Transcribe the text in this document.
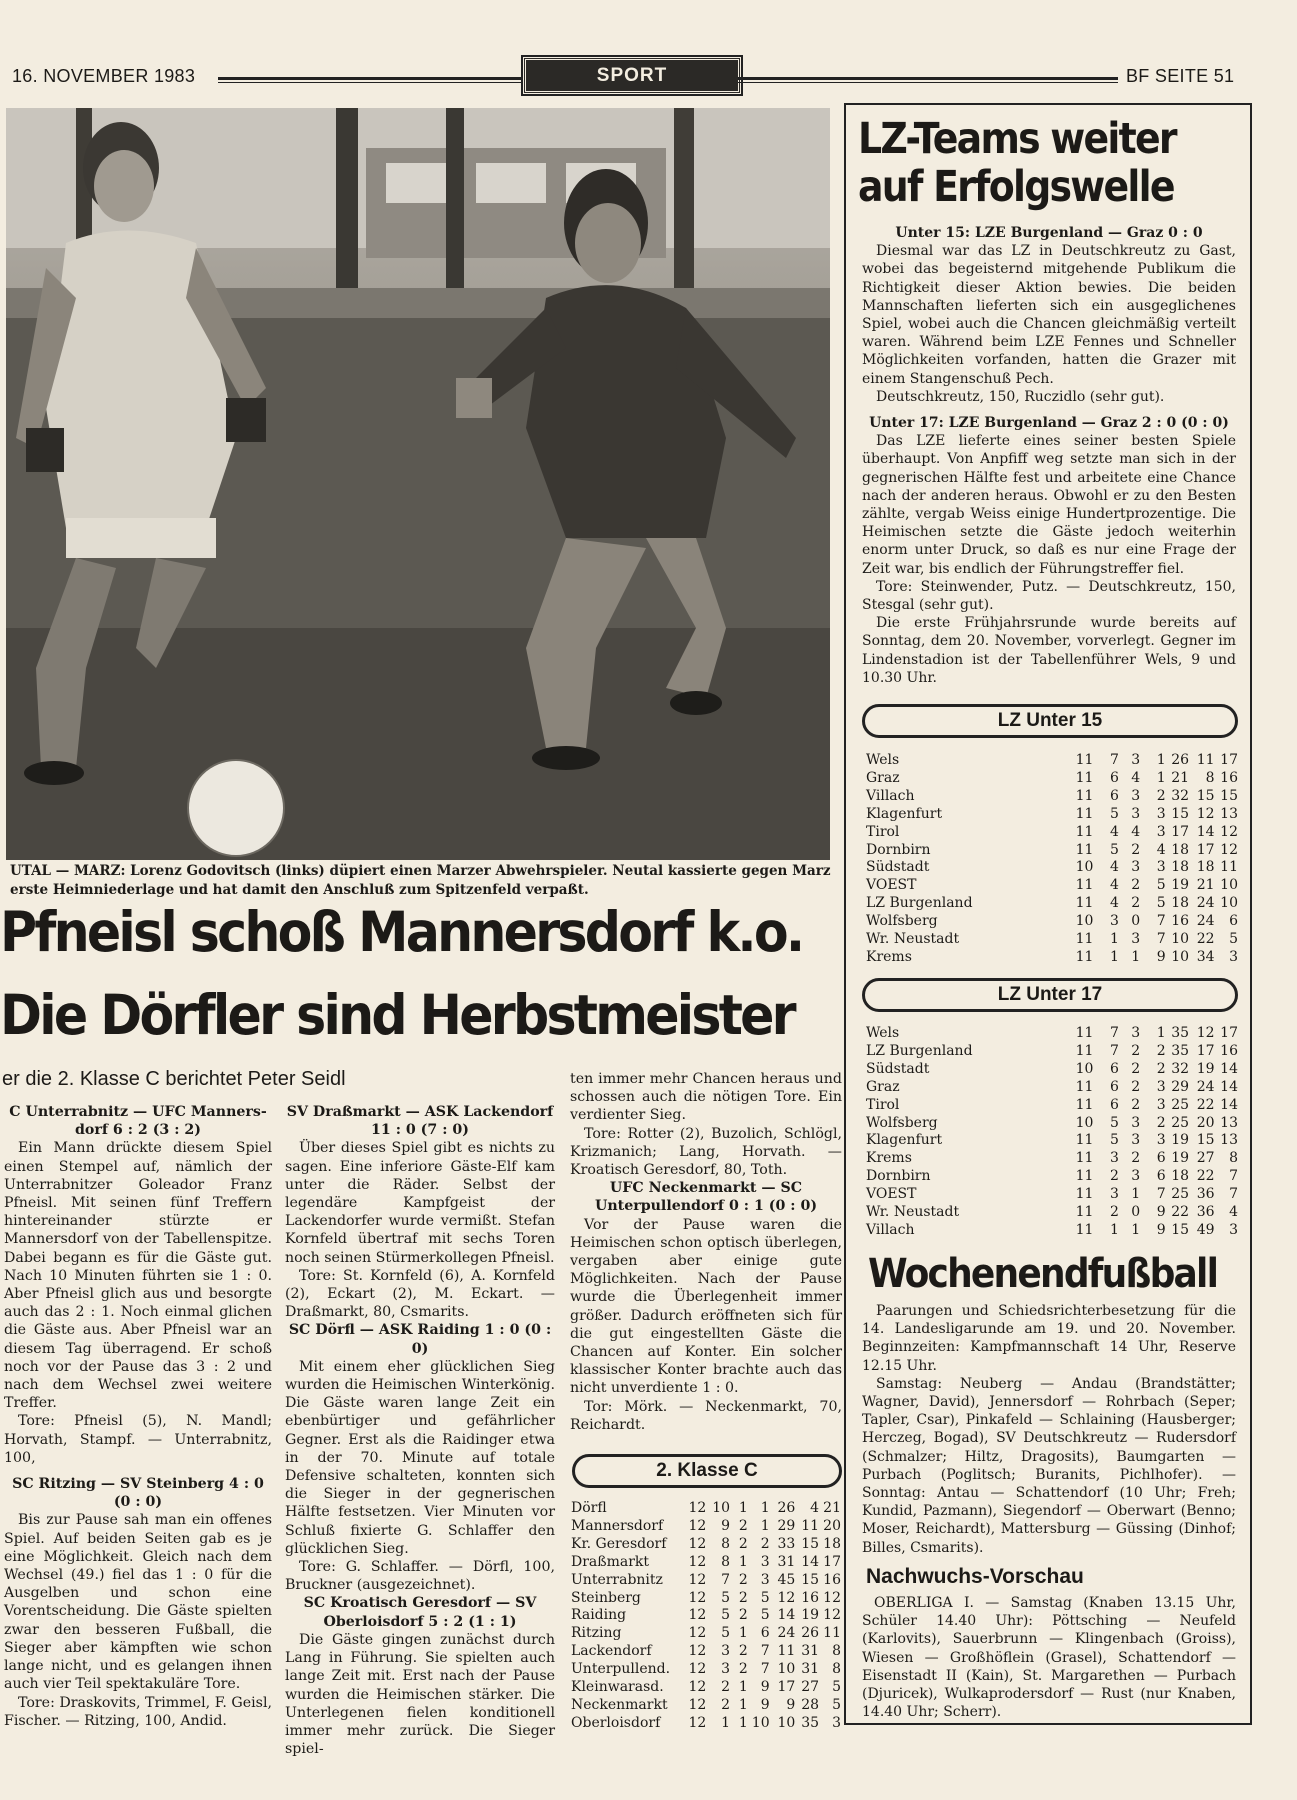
16. NOVEMBER 1983	SPORT	BF SEITE 51
UTAL — MARZ: Lorenz Godovitsch (links) düpiert einen Marzer Abwehrspieler. Neutal kassierte gegen Marz
erste Heimniederlage und hat damit den Anschluß zum Spitzenfeld verpaßt.
Pfneisl schoß Mannersdorf k.o.
Die Dörfler sind Herbstmeister
er die 2. Klasse C berichtet Peter Seidl

C Unterrabnitz — UFC Manners-

dorf 6 : 2 (3 : 2)

Ein Mann drückte diesem Spiel einen Stempel auf, nämlich der Unterrabnitzer Goleador Franz Pfneisl. Mit seinen fünf Treffern hintereinander stürzte er Mannersdorf von der Tabellenspitze. Dabei begann es für die Gäste gut. Nach 10 Minuten führten sie 1 : 0. Aber Pfneisl glich aus und besorgte auch das 2 : 1. Noch einmal glichen die Gäste aus. Aber Pfneisl war an diesem Tag überragend. Er schoß noch vor der Pause das 3 : 2 und nach dem Wechsel zwei weitere Treffer.

Tore: Pfneisl (5), N. Mandl; Horvath, Stampf. — Unterrabnitz, 100,

SC Ritzing — SV Steinberg 4 : 0

(0 : 0)

Bis zur Pause sah man ein offenes Spiel. Auf beiden Seiten gab es je eine Möglichkeit. Gleich nach dem Wechsel (49.) fiel das 1 : 0 für die Ausgelben und schon eine Vorentscheidung. Die Gäste spielten zwar den besseren Fußball, die Sieger aber kämpften wie schon lange nicht, und es gelangen ihnen auch vier Teil spektakuläre Tore.

Tore: Draskovits, Trimmel, F. Geisl, Fischer. — Ritzing, 100, Andid.

SV Draßmarkt — ASK Lackendorf

11 : 0 (7 : 0)

Über dieses Spiel gibt es nichts zu sagen. Eine inferiore Gäste-Elf kam unter die Räder. Selbst der legendäre Kampfgeist der Lackendorfer wurde vermißt. Stefan Kornfeld übertraf mit sechs Toren noch seinen Stürmerkollegen Pfneisl.

Tore: St. Kornfeld (6), A. Kornfeld (2), Eckart (2), M. Eckart. — Draßmarkt, 80, Csmarits.

SC Dörfl — ASK Raiding 1 : 0 (0 : 0)

Mit einem eher glücklichen Sieg wurden die Heimischen Winterkönig. Die Gäste waren lange Zeit ein ebenbürtiger und gefährlicher Gegner. Erst als die Raidinger etwa in der 70. Minute auf totale Defensive schalteten, konnten sich die Sieger in der gegnerischen Hälfte festsetzen. Vier Minuten vor Schluß fixierte G. Schlaffer den glücklichen Sieg.

Tore: G. Schlaffer. — Dörfl, 100, Bruckner (ausgezeichnet).

SC Kroatisch Geresdorf — SV Oberloisdorf 5 : 2 (1 : 1)

Die Gäste gingen zunächst durch Lang in Führung. Sie spielten auch lange Zeit mit. Erst nach der Pause wurden die Heimischen stärker. Die Unterlegenen fielen konditionell immer mehr zurück. Die Sieger spiel-

ten immer mehr Chancen heraus und schossen auch die nötigen Tore. Ein verdienter Sieg.

Tore: Rotter (2), Buzolich, Schlögl, Krizmanich; Lang, Horvath. — Kroatisch Geresdorf, 80, Toth.

UFC Neckenmarkt — SC Unterpullendorf 0 : 1 (0 : 0)

Vor der Pause waren die Heimischen schon optisch überlegen, vergaben aber einige gute Möglichkeiten. Nach der Pause wurde die Überlegenheit immer größer. Dadurch eröffneten sich für die gut eingestellten Gäste die Chancen auf Konter. Ein solcher klassischer Konter brachte auch das nicht unverdiente 1 : 0.

Tor: Mörk. — Neckenmarkt, 70, Reichardt.

2. Klasse C
Dörfl	12	10	1	1	26	4	21
Mannersdorf	12	9	2	1	29	11	20
Kr. Geresdorf	12	8	2	2	33	15	18
Draßmarkt	12	8	1	3	31	14	17
Unterrabnitz	12	7	2	3	45	15	16
Steinberg	12	5	2	5	12	16	12
Raiding	12	5	2	5	14	19	12
Ritzing	12	5	1	6	24	26	11
Lackendorf	12	3	2	7	11	31	8
Unterpullend.	12	3	2	7	10	31	8
Kleinwarasd.	12	2	1	9	17	27	5
Neckenmarkt	12	2	1	9	9	28	5
Oberloisdorf	12	1	1	10	10	35	3
LZ-Teams weiter
auf Erfolgswelle

Unter 15: LZE Burgenland — Graz 0 : 0

Diesmal war das LZ in Deutschkreutz zu Gast, wobei das begeisternd mitgehende Publikum die Richtigkeit dieser Aktion bewies. Die beiden Mannschaften lieferten sich ein ausgeglichenes Spiel, wobei auch die Chancen gleichmäßig verteilt waren. Während beim LZE Fennes und Schneller Möglichkeiten vorfanden, hatten die Grazer mit einem Stangenschuß Pech.

Deutschkreutz, 150, Ruczidlo (sehr gut).

Unter 17: LZE Burgenland — Graz 2 : 0 (0 : 0)

Das LZE lieferte eines seiner besten Spiele überhaupt. Von Anpfiff weg setzte man sich in der gegnerischen Hälfte fest und arbeitete eine Chance nach der anderen heraus. Obwohl er zu den Besten zählte, vergab Weiss einige Hundertprozentige. Die Heimischen setzte die Gäste jedoch weiterhin enorm unter Druck, so daß es nur eine Frage der Zeit war, bis endlich der Führungstreffer fiel.

Tore: Steinwender, Putz. — Deutschkreutz, 150, Stesgal (sehr gut).

Die erste Frühjahrsrunde wurde bereits auf Sonntag, dem 20. November, vorverlegt. Gegner im Lindenstadion ist der Tabellenführer Wels, 9 und 10.30 Uhr.

LZ Unter 15
Wels	11	7	3	1	26	11	17
Graz	11	6	4	1	21	8	16
Villach	11	6	3	2	32	15	15
Klagenfurt	11	5	3	3	15	12	13
Tirol	11	4	4	3	17	14	12
Dornbirn	11	5	2	4	18	17	12
Südstadt	10	4	3	3	18	18	11
VOEST	11	4	2	5	19	21	10
LZ Burgenland	11	4	2	5	18	24	10
Wolfsberg	10	3	0	7	16	24	6
Wr. Neustadt	11	1	3	7	10	22	5
Krems	11	1	1	9	10	34	3
LZ Unter 17
Wels	11	7	3	1	35	12	17
LZ Burgenland	11	7	2	2	35	17	16
Südstadt	10	6	2	2	32	19	14
Graz	11	6	2	3	29	24	14
Tirol	11	6	2	3	25	22	14
Wolfsberg	10	5	3	2	25	20	13
Klagenfurt	11	5	3	3	19	15	13
Krems	11	3	2	6	19	27	8
Dornbirn	11	2	3	6	18	22	7
VOEST	11	3	1	7	25	36	7
Wr. Neustadt	11	2	0	9	22	36	4
Villach	11	1	1	9	15	49	3
Wochenendfußball

Paarungen und Schiedsrichterbesetzung für die 14. Landesligarunde am 19. und 20. November. Beginnzeiten: Kampfmannschaft 14 Uhr, Reserve 12.15 Uhr.

Samstag: Neuberg — Andau (Brandstätter; Wagner, David), Jennersdorf — Rohrbach (Seper; Tapler, Csar), Pinkafeld — Schlaining (Hausberger; Herczeg, Bogad), SV Deutschkreutz — Rudersdorf (Schmalzer; Hiltz, Dragosits), Baumgarten — Purbach (Poglitsch; Buranits, Pichlhofer). — Sonntag: Antau — Schattendorf (10 Uhr; Freh; Kundid, Pazmann), Siegendorf — Oberwart (Benno; Moser, Reichardt), Mattersburg — Güssing (Dinhof; Billes, Csmarits).

Nachwuchs-Vorschau

OBERLIGA I. — Samstag (Knaben 13.15 Uhr, Schüler 14.40 Uhr): Pöttsching — Neufeld (Karlovits), Sauerbrunn — Klingenbach (Groiss), Wiesen — Großhöflein (Grasel), Schattendorf — Eisenstadt II (Kain), St. Margarethen — Purbach (Djuricek), Wulkaprodersdorf — Rust (nur Knaben, 14.40 Uhr; Scherr).
